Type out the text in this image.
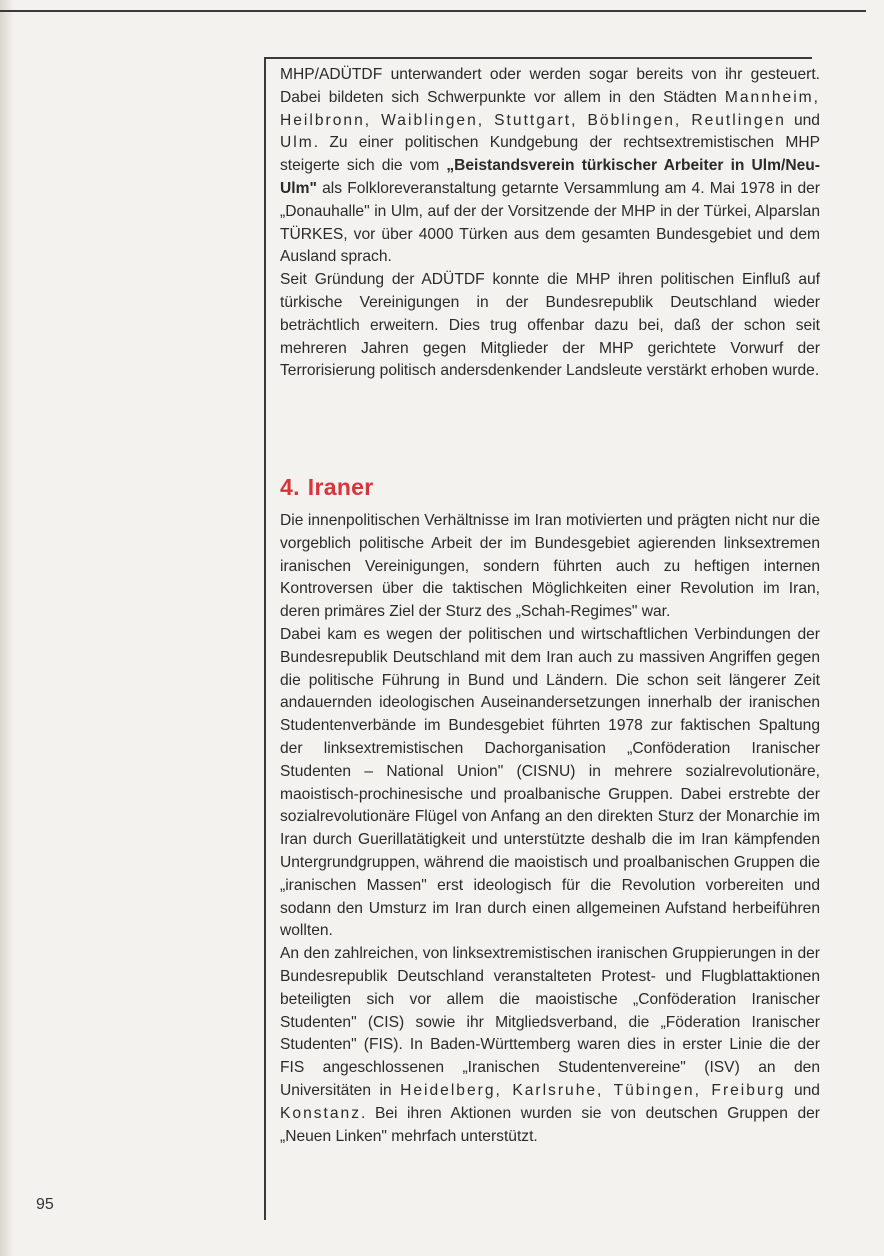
MHP/ADÜTDF unterwandert oder werden sogar bereits von ihr gesteuert. Dabei bildeten sich Schwerpunkte vor allem in den Städten Mannheim, Heilbronn, Waiblingen, Stuttgart, Böblingen, Reutlingen und Ulm. Zu einer politischen Kundgebung der rechtsextremistischen MHP steigerte sich die vom „Beistandsverein türkischer Arbeiter in Ulm/Neu-Ulm" als Folkloreveranstaltung getarnte Versammlung am 4. Mai 1978 in der „Donauhalle" in Ulm, auf der der Vorsitzende der MHP in der Türkei, Alparslan TÜRKES, vor über 4000 Türken aus dem gesamten Bundesgebiet und dem Ausland sprach.

Seit Gründung der ADÜTDF konnte die MHP ihren politischen Einfluß auf türkische Vereinigungen in der Bundesrepublik Deutschland wieder beträchtlich erweitern. Dies trug offenbar dazu bei, daß der schon seit mehreren Jahren gegen Mitglieder der MHP gerichtete Vorwurf der Terrorisierung politisch andersdenkender Landsleute verstärkt erhoben wurde.

4. Iraner

Die innenpolitischen Verhältnisse im Iran motivierten und prägten nicht nur die vorgeblich politische Arbeit der im Bundesgebiet agierenden linksextremen iranischen Vereinigungen, sondern führten auch zu heftigen internen Kontroversen über die taktischen Möglichkeiten einer Revolution im Iran, deren primäres Ziel der Sturz des „Schah-Regimes" war.

Dabei kam es wegen der politischen und wirtschaftlichen Verbindungen der Bundesrepublik Deutschland mit dem Iran auch zu massiven Angriffen gegen die politische Führung in Bund und Ländern. Die schon seit längerer Zeit andauernden ideologischen Auseinandersetzungen innerhalb der iranischen Studentenverbände im Bundesgebiet führten 1978 zur faktischen Spaltung der linksextremistischen Dachorganisation „Conföderation Iranischer Studenten – National Union" (CISNU) in mehrere sozialrevolutionäre, maoistisch-prochinesische und proalbanische Gruppen. Dabei erstrebte der sozialrevolutionäre Flügel von Anfang an den direkten Sturz der Monarchie im Iran durch Guerillatätigkeit und unterstützte deshalb die im Iran kämpfenden Untergrundgruppen, während die maoistisch und proalbanischen Gruppen die „iranischen Massen" erst ideologisch für die Revolution vorbereiten und sodann den Umsturz im Iran durch einen allgemeinen Aufstand herbeiführen wollten.

An den zahlreichen, von linksextremistischen iranischen Gruppierungen in der Bundesrepublik Deutschland veranstalteten Protest- und Flugblattaktionen beteiligten sich vor allem die maoistische „Conföderation Iranischer Studenten" (CIS) sowie ihr Mitgliedsverband, die „Föderation Iranischer Studenten" (FIS). In Baden-Württemberg waren dies in erster Linie die der FIS angeschlossenen „Iranischen Studentenvereine" (ISV) an den Universitäten in Heidelberg, Karlsruhe, Tübingen, Freiburg und Konstanz. Bei ihren Aktionen wurden sie von deutschen Gruppen der „Neuen Linken" mehrfach unterstützt.

95
